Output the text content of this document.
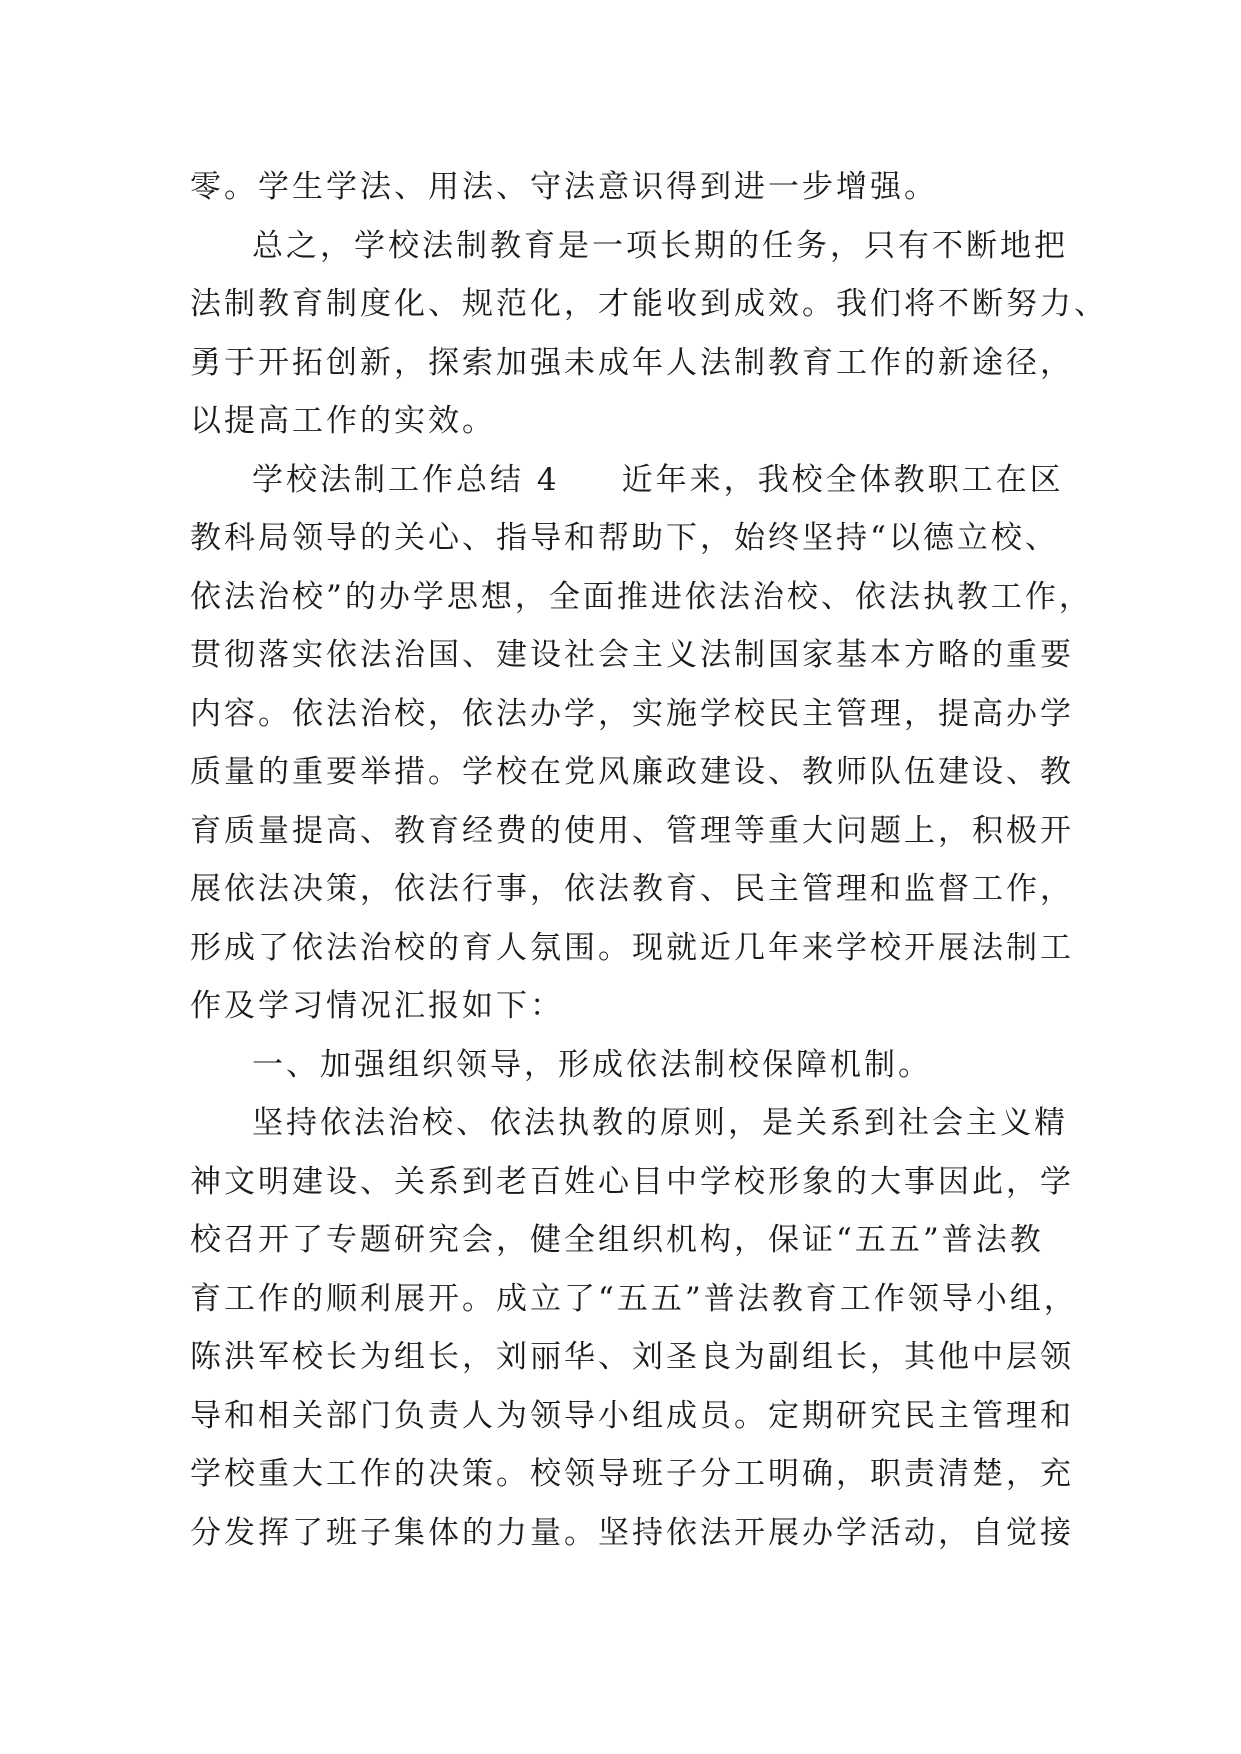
零。学生学法、用法、守法意识得到进一步增强。
总之，学校法制教育是一项长期的任务，只有不断地把
法制教育制度化、规范化，才能收到成效。我们将不断努力、
勇于开拓创新，探索加强未成年人法制教育工作的新途径，
以提高工作的实效。
学校法制工作总结 4 近年来，我校全体教职工在区
教科局领导的关心、指导和帮助下，始终坚持“以德立校、
依法治校”的办学思想，全面推进依法治校、依法执教工作，
贯彻落实依法治国、建设社会主义法制国家基本方略的重要
内容。依法治校，依法办学，实施学校民主管理，提高办学
质量的重要举措。学校在党风廉政建设、教师队伍建设、教
育质量提高、教育经费的使用、管理等重大问题上，积极开
展依法决策，依法行事，依法教育、民主管理和监督工作，
形成了依法治校的育人氛围。现就近几年来学校开展法制工
作及学习情况汇报如下：
一、加强组织领导，形成依法制校保障机制。
坚持依法治校、依法执教的原则，是关系到社会主义精
神文明建设、关系到老百姓心目中学校形象的大事因此，学
校召开了专题研究会，健全组织机构，保证“五五”普法教
育工作的顺利展开。成立了“五五”普法教育工作领导小组，
陈洪军校长为组长，刘丽华、刘圣良为副组长，其他中层领
导和相关部门负责人为领导小组成员。定期研究民主管理和
学校重大工作的决策。校领导班子分工明确，职责清楚，充
分发挥了班子集体的力量。坚持依法开展办学活动，自觉接
